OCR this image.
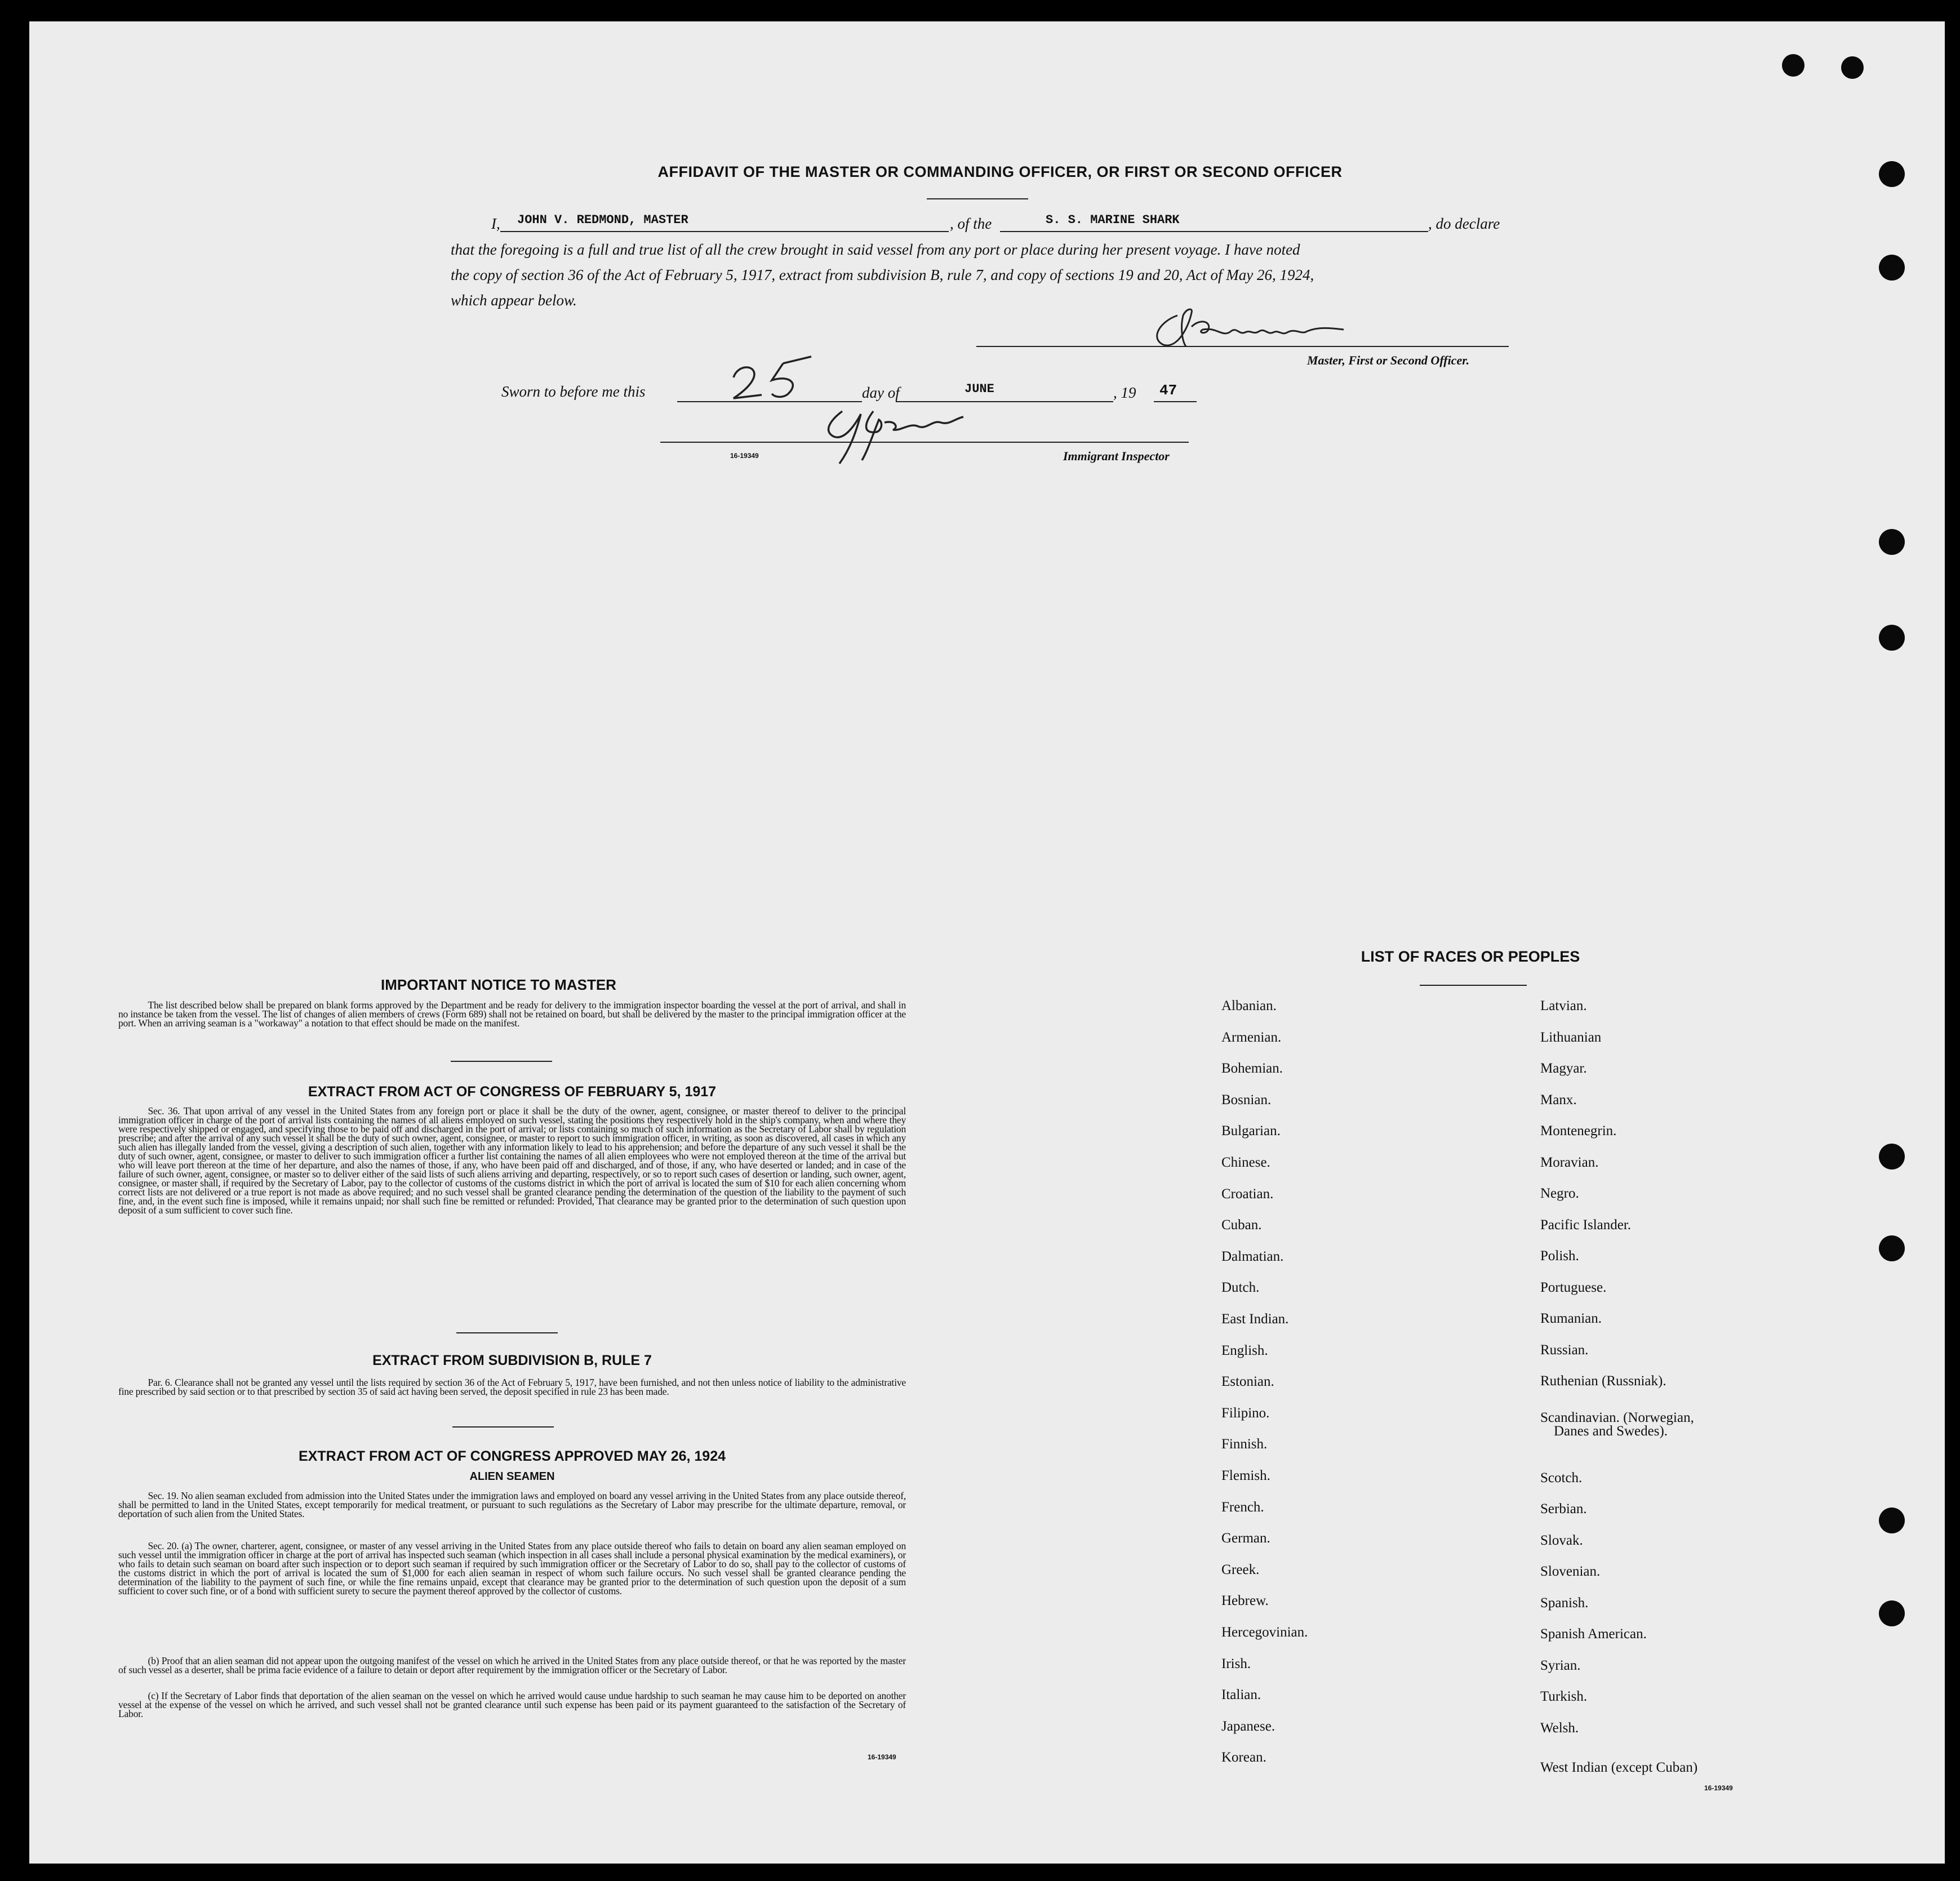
AFFIDAVIT OF THE MASTER OR COMMANDING OFFICER, OR FIRST OR SECOND OFFICER
I, JOHN V. REDMOND, MASTER	, of the	S. S. MARINE SHARK	, do declare
that the foregoing is a full and true list of all the crew brought in said vessel from any port or place during her present voyage. I have noted
the copy of section 36 of the Act of February 5, 1917, extract from subdivision B, rule 7, and copy of sections 19 and 20, Act of May 26, 1924,
which appear below.
Master, First or Second Officer.
Sworn to before me this	day of	JUNE	, 19 47
16-19349	Immigrant Inspector
IMPORTANT NOTICE TO MASTER
The list described below shall be prepared on blank forms approved by the Department and be ready for delivery to the immigration inspector boarding the vessel at the port of arrival, and shall in no instance be taken from the vessel. The list of changes of alien members of crews (Form 689) shall not be retained on board, but shall be delivered by the master to the principal immigration officer at the port. When an arriving seaman is a "workaway" a notation to that effect should be made on the manifest.
EXTRACT FROM ACT OF CONGRESS OF FEBRUARY 5, 1917
Sec. 36. That upon arrival of any vessel in the United States from any foreign port or place it shall be the duty of the owner, agent, consignee, or master thereof to deliver to the principal immigration officer in charge of the port of arrival lists containing the names of all aliens employed on such vessel, stating the positions they respectively hold in the ship's company, when and where they were respectively shipped or engaged, and specifying those to be paid off and discharged in the port of arrival; or lists containing so much of such information as the Secretary of Labor shall by regulation prescribe; and after the arrival of any such vessel it shall be the duty of such owner, agent, consignee, or master to report to such immigration officer, in writing, as soon as discovered, all cases in which any such alien has illegally landed from the vessel, giving a description of such alien, together with any information likely to lead to his apprehension; and before the departure of any such vessel it shall be the duty of such owner, agent, consignee, or master to deliver to such immigration officer a further list containing the names of all alien employees who were not employed thereon at the time of the arrival but who will leave port thereon at the time of her departure, and also the names of those, if any, who have been paid off and discharged, and of those, if any, who have deserted or landed; and in case of the failure of such owner, agent, consignee, or master so to deliver either of the said lists of such aliens arriving and departing, respectively, or so to report such cases of desertion or landing, such owner, agent, consignee, or master shall, if required by the Secretary of Labor, pay to the collector of customs of the customs district in which the port of arrival is located the sum of $10 for each alien concerning whom correct lists are not delivered or a true report is not made as above required; and no such vessel shall be granted clearance pending the determination of the question of the liability to the payment of such fine, and, in the event such fine is imposed, while it remains unpaid; nor shall such fine be remitted or refunded: Provided, That clearance may be granted prior to the determination of such question upon deposit of a sum sufficient to cover such fine.
EXTRACT FROM SUBDIVISION B, RULE 7
Par. 6. Clearance shall not be granted any vessel until the lists required by section 36 of the Act of February 5, 1917, have been furnished, and not then unless notice of liability to the administrative fine prescribed by said section or to that prescribed by section 35 of said act having been served, the deposit specified in rule 23 has been made.
EXTRACT FROM ACT OF CONGRESS APPROVED MAY 26, 1924
ALIEN SEAMEN
Sec. 19. No alien seaman excluded from admission into the United States under the immigration laws and employed on board any vessel arriving in the United States from any place outside thereof, shall be permitted to land in the United States, except temporarily for medical treatment, or pursuant to such regulations as the Secretary of Labor may prescribe for the ultimate departure, removal, or deportation of such alien from the United States.
Sec. 20. (a) The owner, charterer, agent, consignee, or master of any vessel arriving in the United States from any place outside thereof who fails to detain on board any alien seaman employed on such vessel until the immigration officer in charge at the port of arrival has inspected such seaman (which inspection in all cases shall include a personal physical examination by the medical examiners), or who fails to detain such seaman on board after such inspection or to deport such seaman if required by such immigration officer or the Secretary of Labor to do so, shall pay to the collector of customs of the customs district in which the port of arrival is located the sum of $1,000 for each alien seaman in respect of whom such failure occurs. No such vessel shall be granted clearance pending the determination of the liability to the payment of such fine, or while the fine remains unpaid, except that clearance may be granted prior to the determination of such question upon the deposit of a sum sufficient to cover such fine, or of a bond with sufficient surety to secure the payment thereof approved by the collector of customs.
(b) Proof that an alien seaman did not appear upon the outgoing manifest of the vessel on which he arrived in the United States from any place outside thereof, or that he was reported by the master of such vessel as a deserter, shall be prima facie evidence of a failure to detain or deport after requirement by the immigration officer or the Secretary of Labor.
(c) If the Secretary of Labor finds that deportation of the alien seaman on the vessel on which he arrived would cause undue hardship to such seaman he may cause him to be deported on another vessel at the expense of the vessel on which he arrived, and such vessel shall not be granted clearance until such expense has been paid or its payment guaranteed to the satisfaction of the Secretary of Labor.
16-19349
LIST OF RACES OR PEOPLES
Albanian.
Armenian.
Bohemian.
Bosnian.
Bulgarian.
Chinese.
Croatian.
Cuban.
Dalmatian.
Dutch.
East Indian.
English.
Estonian.
Filipino.
Finnish.
Flemish.
French.
German.
Greek.
Hebrew.
Hercegovinian.
Irish.
Italian.
Japanese.
Korean.
Latvian.
Lithuanian
Magyar.
Manx.
Montenegrin.
Moravian.
Negro.
Pacific Islander.
Polish.
Portuguese.
Rumanian.
Russian.
Ruthenian (Russniak).
Scandinavian. (Norwegian,
Danes and Swedes).
Scotch.
Serbian.
Slovak.
Slovenian.
Spanish.
Spanish American.
Syrian.
Turkish.
Welsh.
West Indian (except Cuban)
16-19349
